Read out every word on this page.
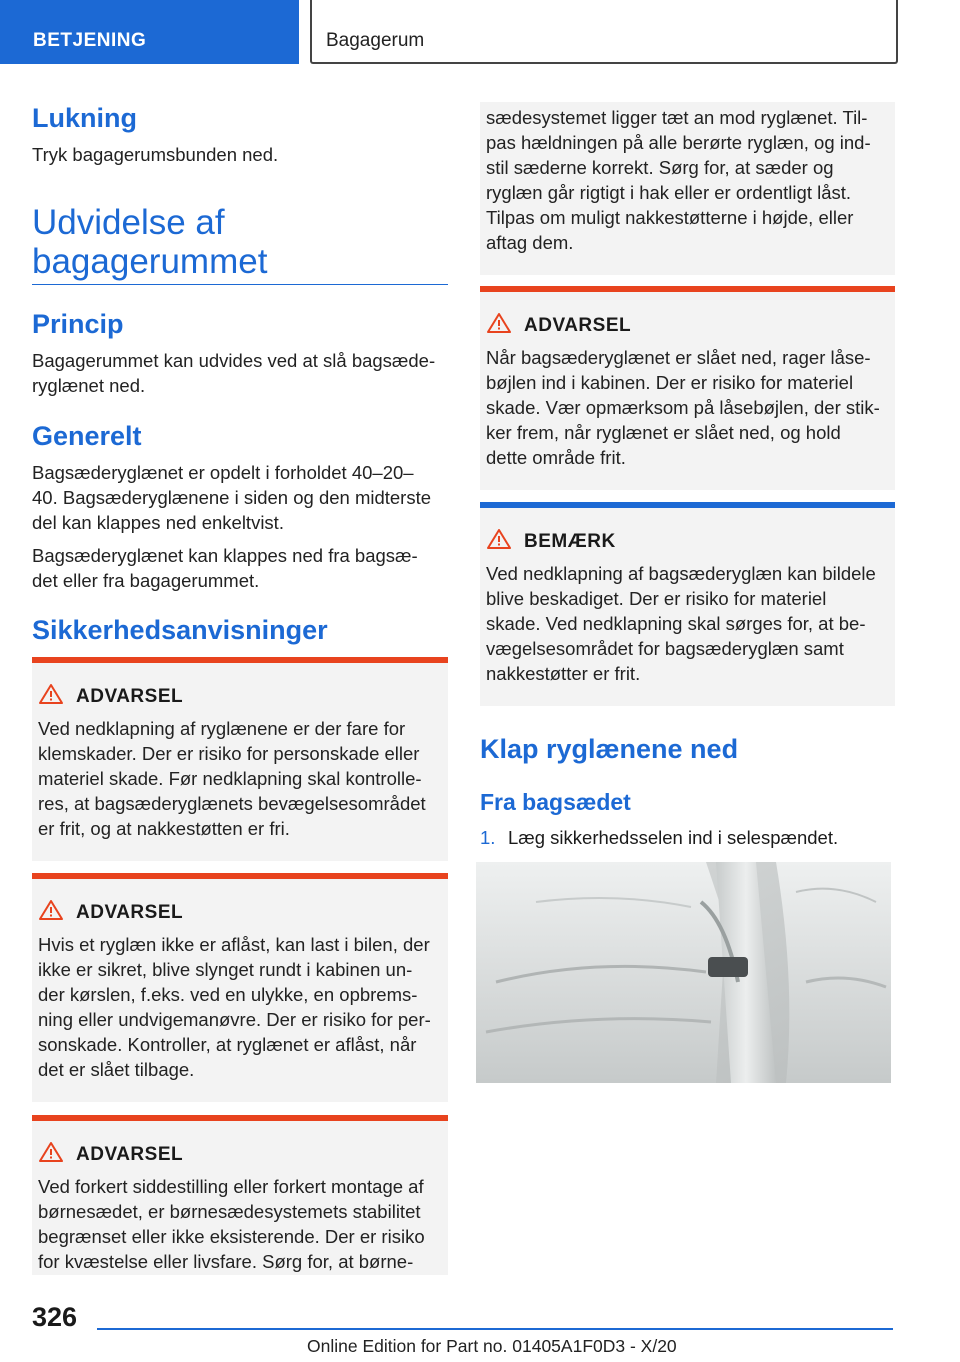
BETJENING	Bagagerum
Lukning

Tryk bagagerumsbunden ned.

Udvidelse af
bagagerummet
Princip
Bagagerummet kan udvides ved at slå bagsæde-
ryglænet ned.
Generelt
Bagsæderyglænet er opdelt i forholdet 40–20–
40. Bagsæderyglænene i siden og den midterste
del kan klappes ned enkeltvist.
Bagsæderyglænet kan klappes ned fra bagsæ-
det eller fra bagagerummet.
Sikkerhedsanvisninger
ADVARSEL
Ved nedklapning af ryglænene er der fare for
klemskader. Der er risiko for personskade eller
materiel skade. Før nedklapning skal kontrolle-
res, at bagsæderyglænets bevægelsesområdet
er frit, og at nakkestøtten er fri.
ADVARSEL
Hvis et ryglæn ikke er aflåst, kan last i bilen, der
ikke er sikret, blive slynget rundt i kabinen un-
der kørslen, f.eks. ved en ulykke, en opbrems-
ning eller undvigemanøvre. Der er risiko for per-
sonskade. Kontroller, at ryglænet er aflåst, når
det er slået tilbage.
ADVARSEL
Ved forkert siddestilling eller forkert montage af
børnesædet, er børnesædesystemets stabilitet
begrænset eller ikke eksisterende. Der er risiko
for kvæstelse eller livsfare. Sørg for, at børne-
sædesystemet ligger tæt an mod ryglænet. Til-
pas hældningen på alle berørte ryglæn, og ind-
stil sæderne korrekt. Sørg for, at sæder og
ryglæn går rigtigt i hak eller er ordentligt låst.
Tilpas om muligt nakkestøtterne i højde, eller
aftag dem.
ADVARSEL
Når bagsæderyglænet er slået ned, rager låse-
bøjlen ind i kabinen. Der er risiko for materiel
skade. Vær opmærksom på låsebøjlen, der stik-
ker frem, når ryglænet er slået ned, og hold
dette område frit.
BEMÆRK
Ved nedklapning af bagsæderyglæn kan bildele
blive beskadiget. Der er risiko for materiel
skade. Ved nedklapning skal sørges for, at be-
vægelsesområdet for bagsæderyglæn samt
nakkestøtter er frit.
Klap ryglænene ned
Fra bagsædet
1. Læg sikkerhedsselen ind i selespændet.
326
Online Edition for Part no. 01405A1F0D3 - X/20
